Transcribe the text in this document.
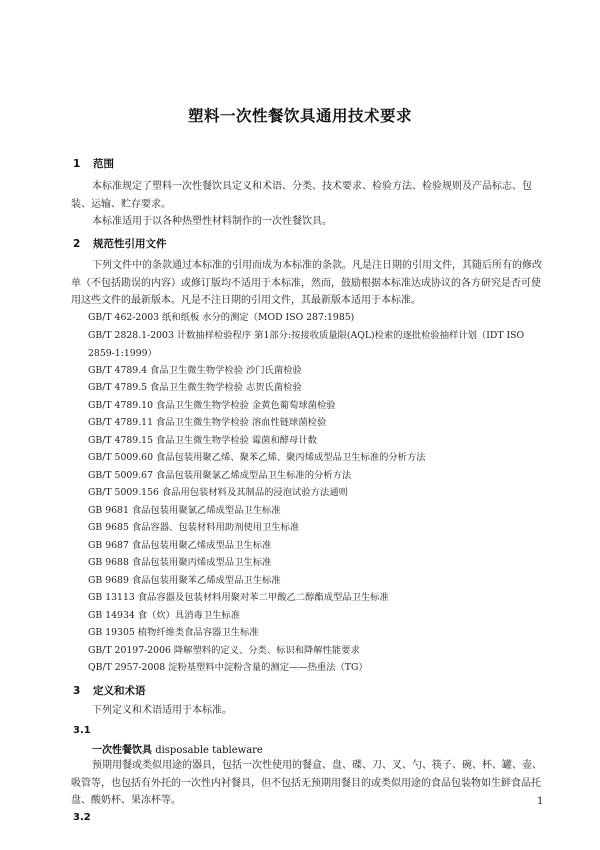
塑料一次性餐饮具通用技术要求
1 范围

本标准规定了塑料一次性餐饮具定义和术语、分类、技术要求、检验方法、检验规则及产品标志、包装、运输、贮存要求。

本标准适用于以各种热塑性材料制作的一次性餐饮具。

2 规范性引用文件

下列文件中的条款通过本标准的引用而成为本标准的条款。凡是注日期的引用文件，其随后所有的修改单（不包括勘误的内容）或修订版均不适用于本标准，然而，鼓励根据本标准达成协议的各方研究是否可使用这些文件的最新版本。凡是不注日期的引用文件，其最新版本适用于本标准。

GB/T 462-2003 纸和纸板 水分的测定（MOD ISO 287:1985)
GB/T 2828.1-2003 计数抽样检验程序 第1部分:按接收质量限(AQL)检索的逐批检验抽样计划（IDT ISO 2859-1:1999）
GB/T 4789.4 食品卫生微生物学检验 沙门氏菌检验
GB/T 4789.5 食品卫生微生物学检验 志贺氏菌检验
GB/T 4789.10 食品卫生微生物学检验 金黄色葡萄球菌检验
GB/T 4789.11 食品卫生微生物学检验 溶血性链球菌检验
GB/T 4789.15 食品卫生微生物学检验 霉菌和酵母计数
GB/T 5009.60 食品包装用聚乙烯、聚苯乙烯、聚丙烯成型品卫生标准的分析方法
GB/T 5009.67 食品包装用聚氯乙烯成型品卫生标准的分析方法
GB/T 5009.156 食品用包装材料及其制品的浸泡试验方法通则
GB 9681 食品包装用聚氯乙烯成型品卫生标准
GB 9685 食品容器、包装材料用助剂使用卫生标准
GB 9687 食品包装用聚乙烯成型品卫生标准
GB 9688 食品包装用聚丙烯成型品卫生标准
GB 9689 食品包装用聚苯乙烯成型品卫生标准
GB 13113 食品容器及包装材料用聚对苯二甲酸乙二醇酯成型品卫生标准
GB 14934 食（炊）具消毒卫生标准
GB 19305 植物纤维类食品容器卫生标准
GB/T 20197-2006 降解塑料的定义、分类、标识和降解性能要求
QB/T 2957-2008 淀粉基塑料中淀粉含量的测定——热重法（TG）
3 定义和术语

下列定义和术语适用于本标准。

3.1
一次性餐饮具 disposable tableware

预期用餐或类似用途的器具，包括一次性使用的餐盒、盘、碟、刀、叉、勺、筷子、碗、杯、罐、壶、吸管等，也包括有外托的一次性内衬餐具，但不包括无预期用餐目的或类似用途的食品包装物如生鲜食品托盘、酸奶杯、果冻杯等。

3.2
1
